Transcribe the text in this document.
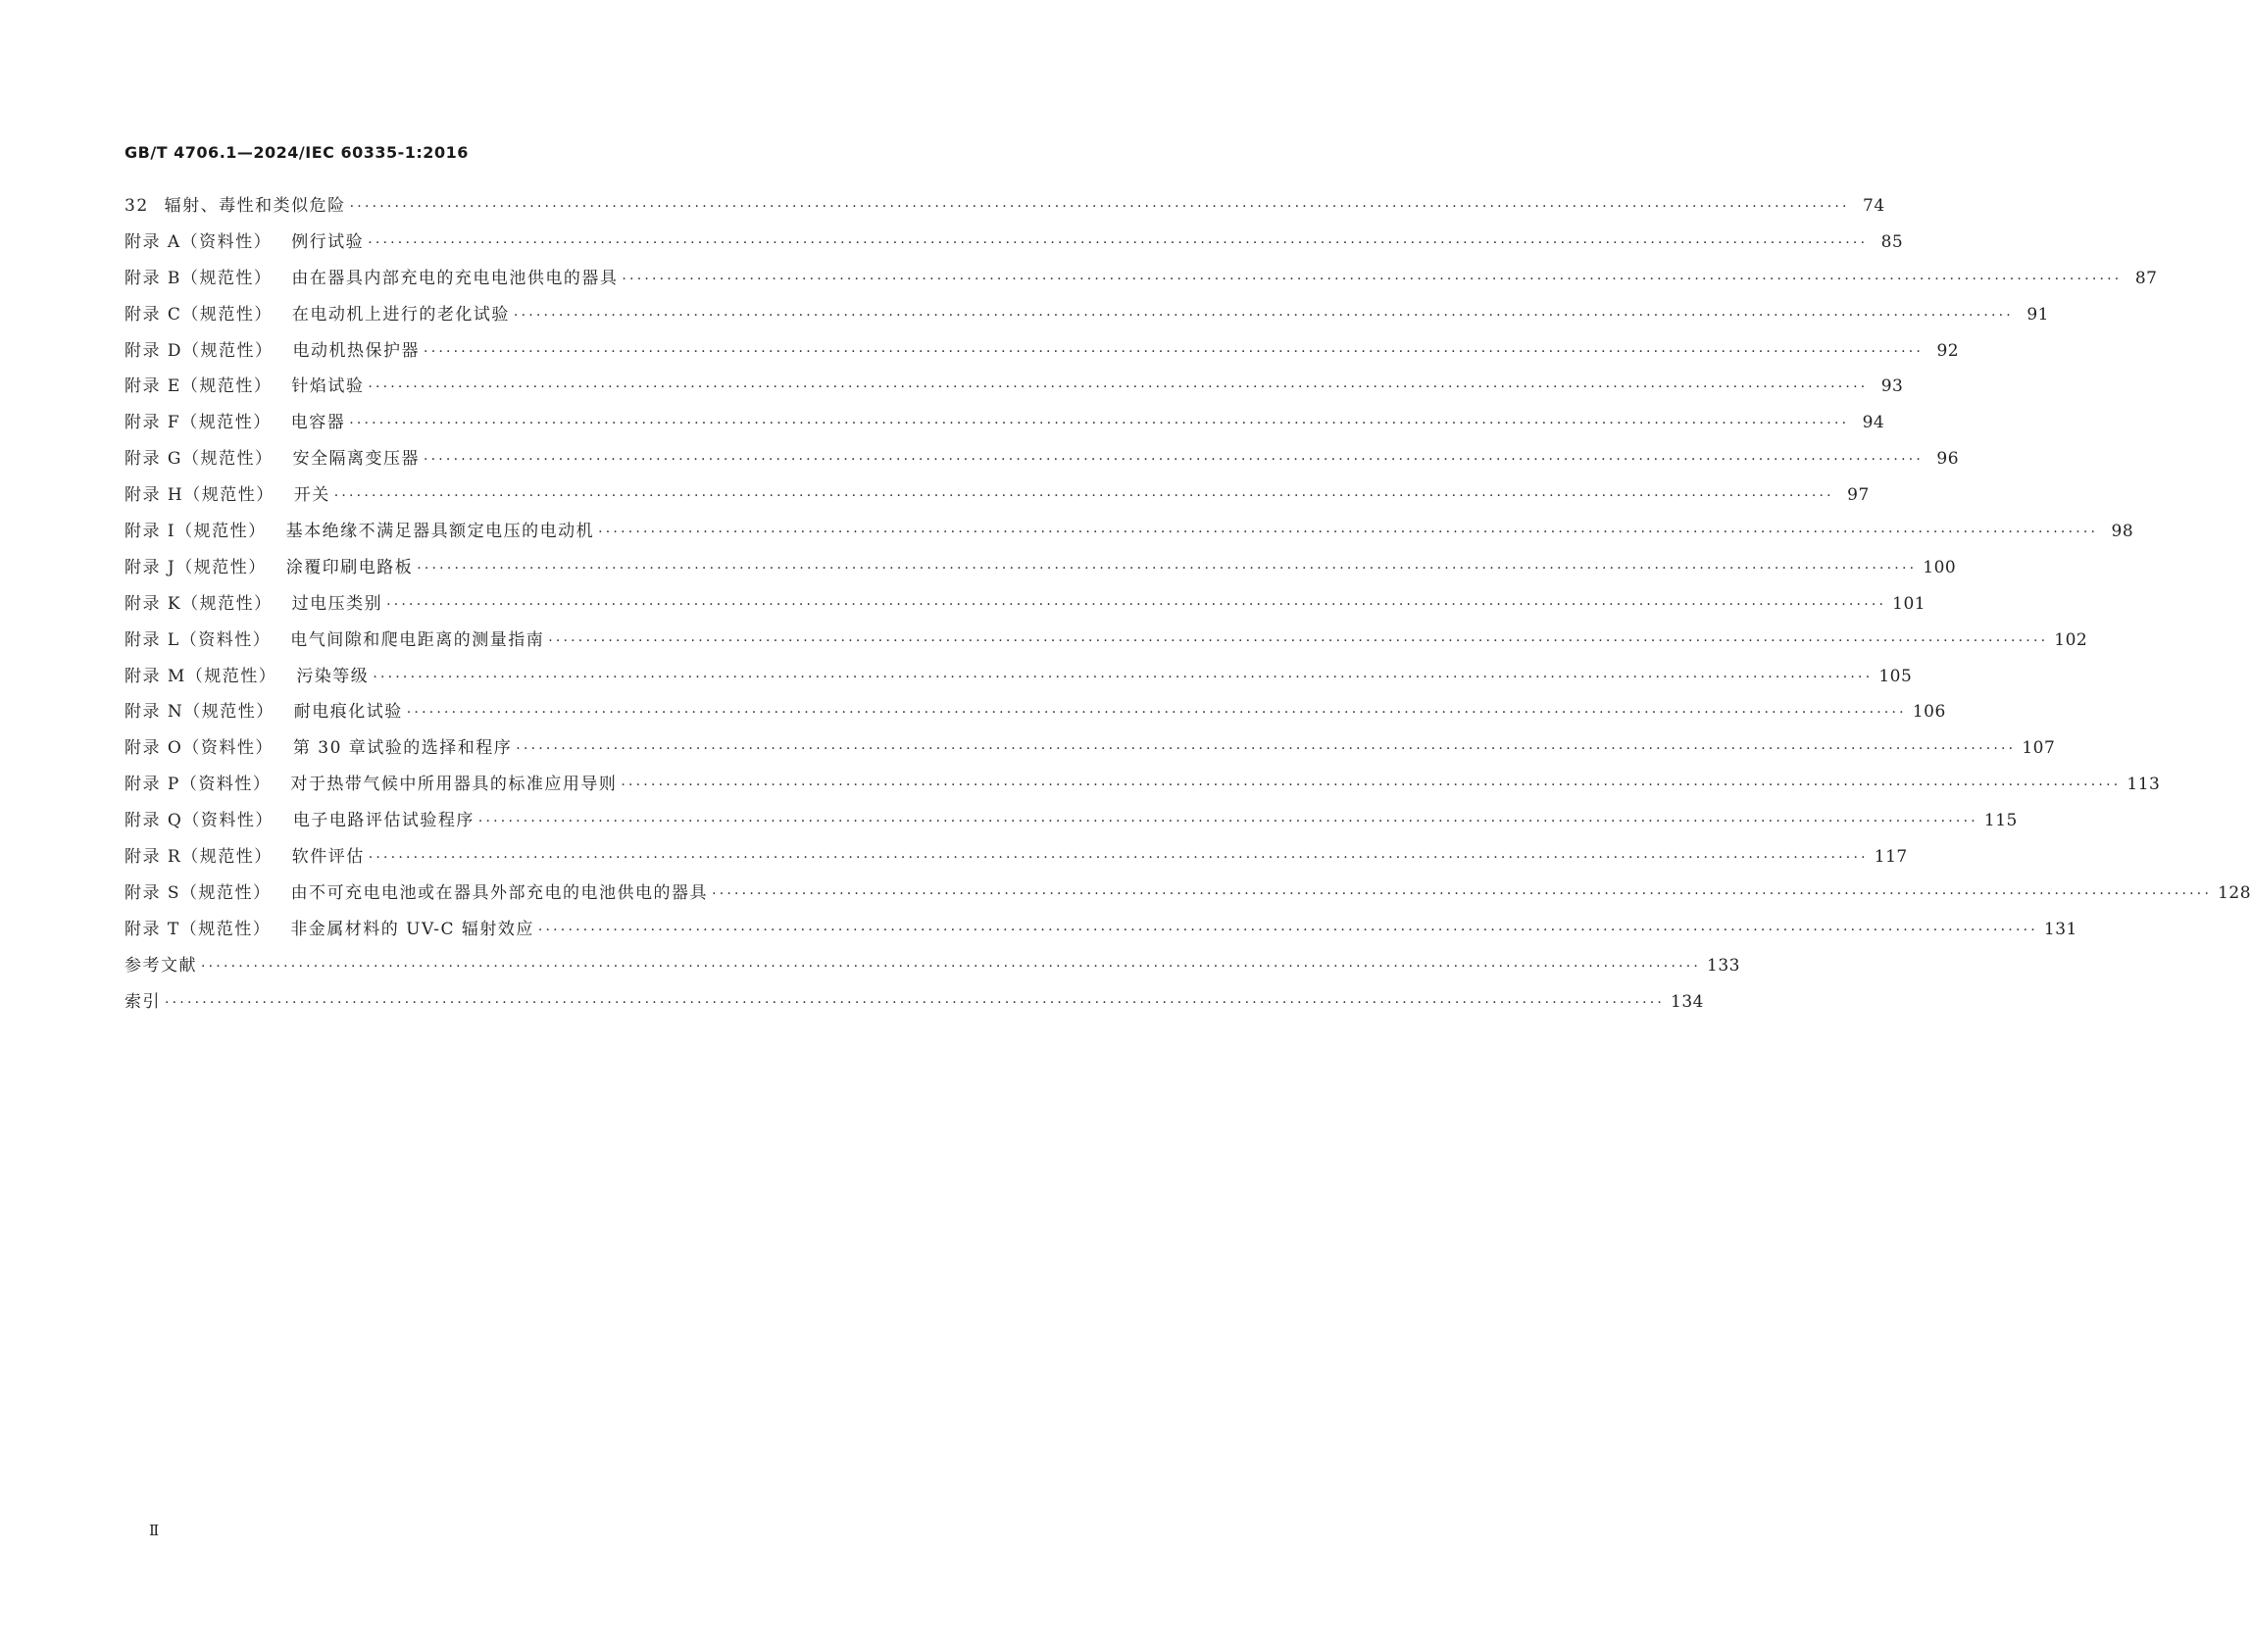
GB/T 4706.1—2024/IEC 60335-1:2016
32 辐射、毒性和类似危险 ········································································································································································································ 74
附录 A（资料性） 例行试验 ········································································································································································································ 85
附录 B（规范性） 由在器具内部充电的充电电池供电的器具 ········································································································································································································ 87
附录 C（规范性） 在电动机上进行的老化试验 ········································································································································································································ 91
附录 D（规范性） 电动机热保护器 ········································································································································································································ 92
附录 E（规范性） 针焰试验 ········································································································································································································ 93
附录 F（规范性） 电容器 ········································································································································································································ 94
附录 G（规范性） 安全隔离变压器 ········································································································································································································ 96
附录 H（规范性） 开关 ········································································································································································································ 97
附录 I（规范性） 基本绝缘不满足器具额定电压的电动机 ········································································································································································································ 98
附录 J（规范性） 涂覆印刷电路板 ········································································································································································································ 100
附录 K（规范性） 过电压类别 ········································································································································································································ 101
附录 L（资料性） 电气间隙和爬电距离的测量指南 ········································································································································································································ 102
附录 M（规范性） 污染等级 ········································································································································································································ 105
附录 N（规范性） 耐电痕化试验 ········································································································································································································ 106
附录 O（资料性） 第 30 章试验的选择和程序 ········································································································································································································ 107
附录 P（资料性） 对于热带气候中所用器具的标准应用导则 ········································································································································································································ 113
附录 Q（资料性） 电子电路评估试验程序 ········································································································································································································ 115
附录 R（规范性） 软件评估 ········································································································································································································ 117
附录 S（规范性） 由不可充电电池或在器具外部充电的电池供电的器具 ········································································································································································································ 128
附录 T（规范性） 非金属材料的 UV-C 辐射效应 ········································································································································································································ 131
参考文献 ········································································································································································································ 133
索引 ········································································································································································································ 134
Ⅱ
